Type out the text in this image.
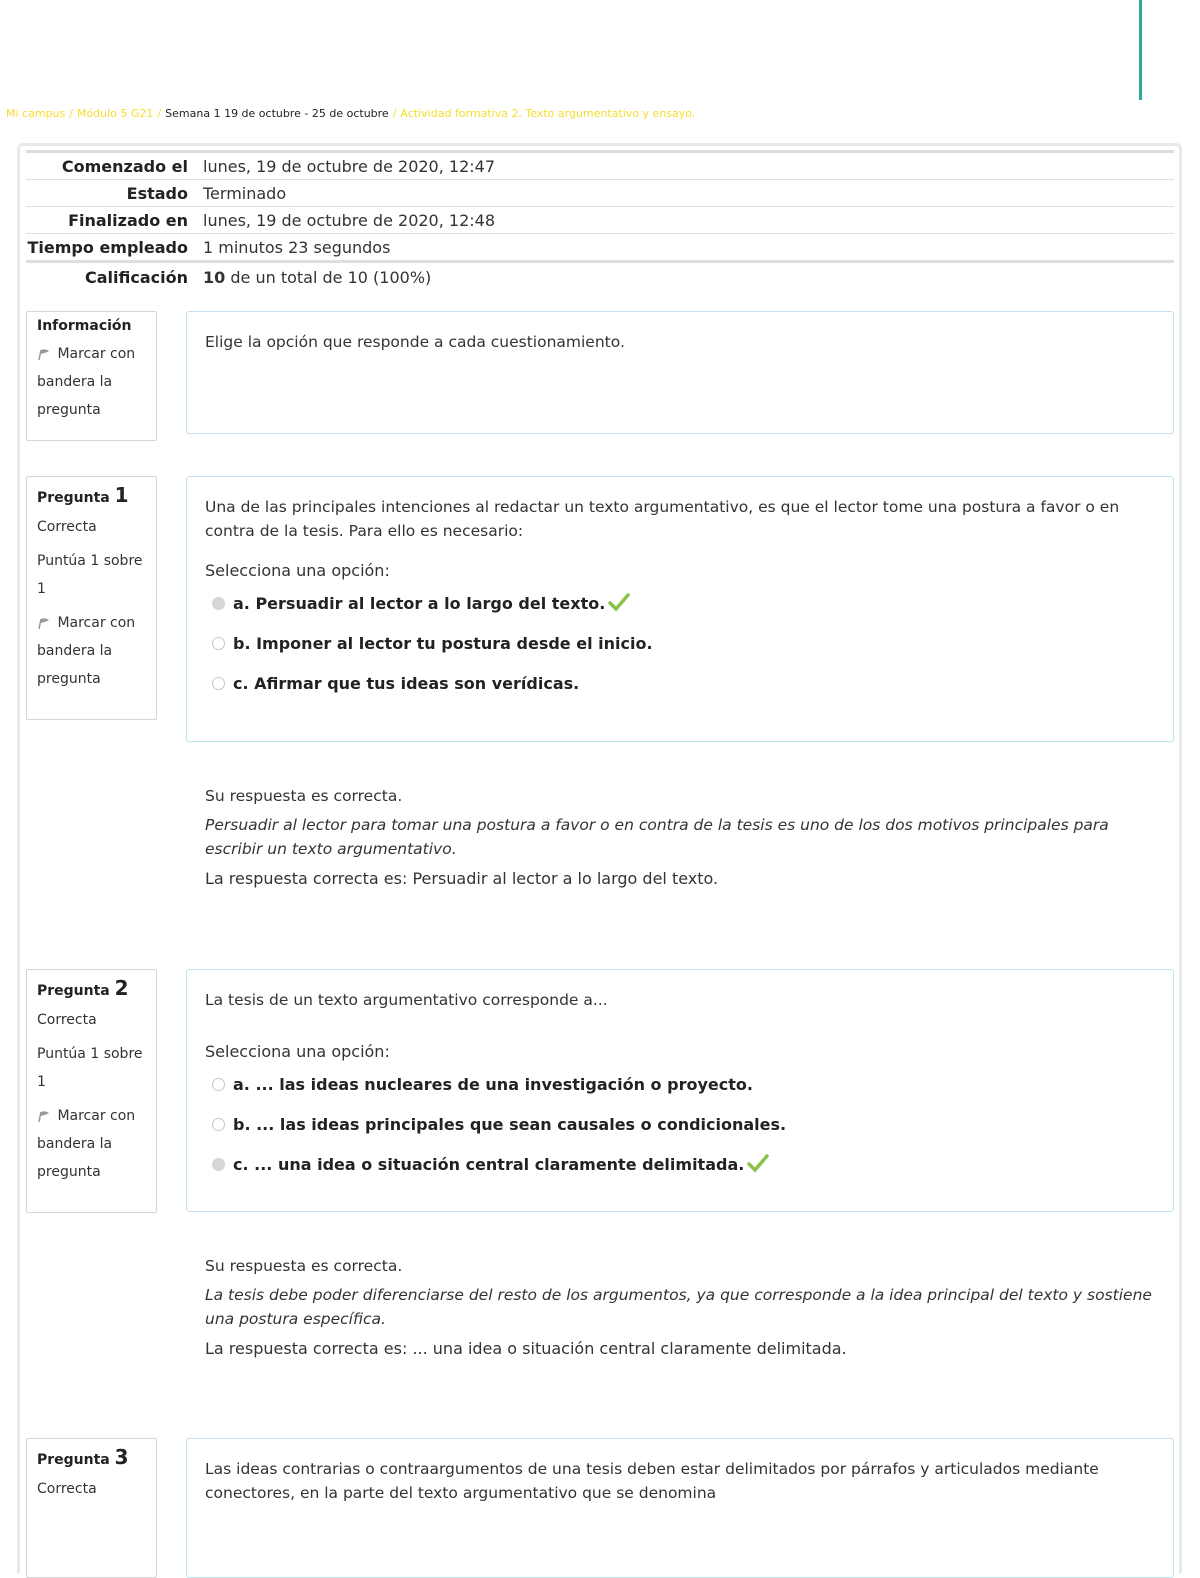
Mi campus / Módulo 5 G21 / Semana 1 19 de octubre - 25 de octubre / Actividad formativa 2. Texto argumentativo y ensayo.
Comenzado el	lunes, 19 de octubre de 2020, 12:47
Estado	Terminado
Finalizado en	lunes, 19 de octubre de 2020, 12:48
Tiempo empleado	1 minutos 23 segundos
Calificación	10 de un total de 10 (100%)
Información
Marcar con
bandera la
pregunta
Elige la opción que responde a cada cuestionamiento.
Pregunta 1
Correcta
Puntúa 1 sobre
1
Marcar con
bandera la
pregunta
Una de las principales intenciones al redactar un texto argumentativo, es que el lector tome una postura a favor o en contra de la tesis. Para ello es necesario:
Selecciona una opción:
a. Persuadir al lector a lo largo del texto.
b. Imponer al lector tu postura desde el inicio.
c. Afirmar que tus ideas son verídicas.

Su respuesta es correcta.

Persuadir al lector para tomar una postura a favor o en contra de la tesis es uno de los dos motivos principales para escribir un texto argumentativo.

La respuesta correcta es: Persuadir al lector a lo largo del texto.

Pregunta 2
Correcta
Puntúa 1 sobre
1
Marcar con
bandera la
pregunta
La tesis de un texto argumentativo corresponde a...
Selecciona una opción:
a. ... las ideas nucleares de una investigación o proyecto.
b. ... las ideas principales que sean causales o condicionales.
c. ... una idea o situación central claramente delimitada.

Su respuesta es correcta.

La tesis debe poder diferenciarse del resto de los argumentos, ya que corresponde a la idea principal del texto y sostiene una postura específica.

La respuesta correcta es: ... una idea o situación central claramente delimitada.

Pregunta 3
Correcta
Las ideas contrarias o contraargumentos de una tesis deben estar delimitados por párrafos y articulados mediante conectores, en la parte del texto argumentativo que se denomina
